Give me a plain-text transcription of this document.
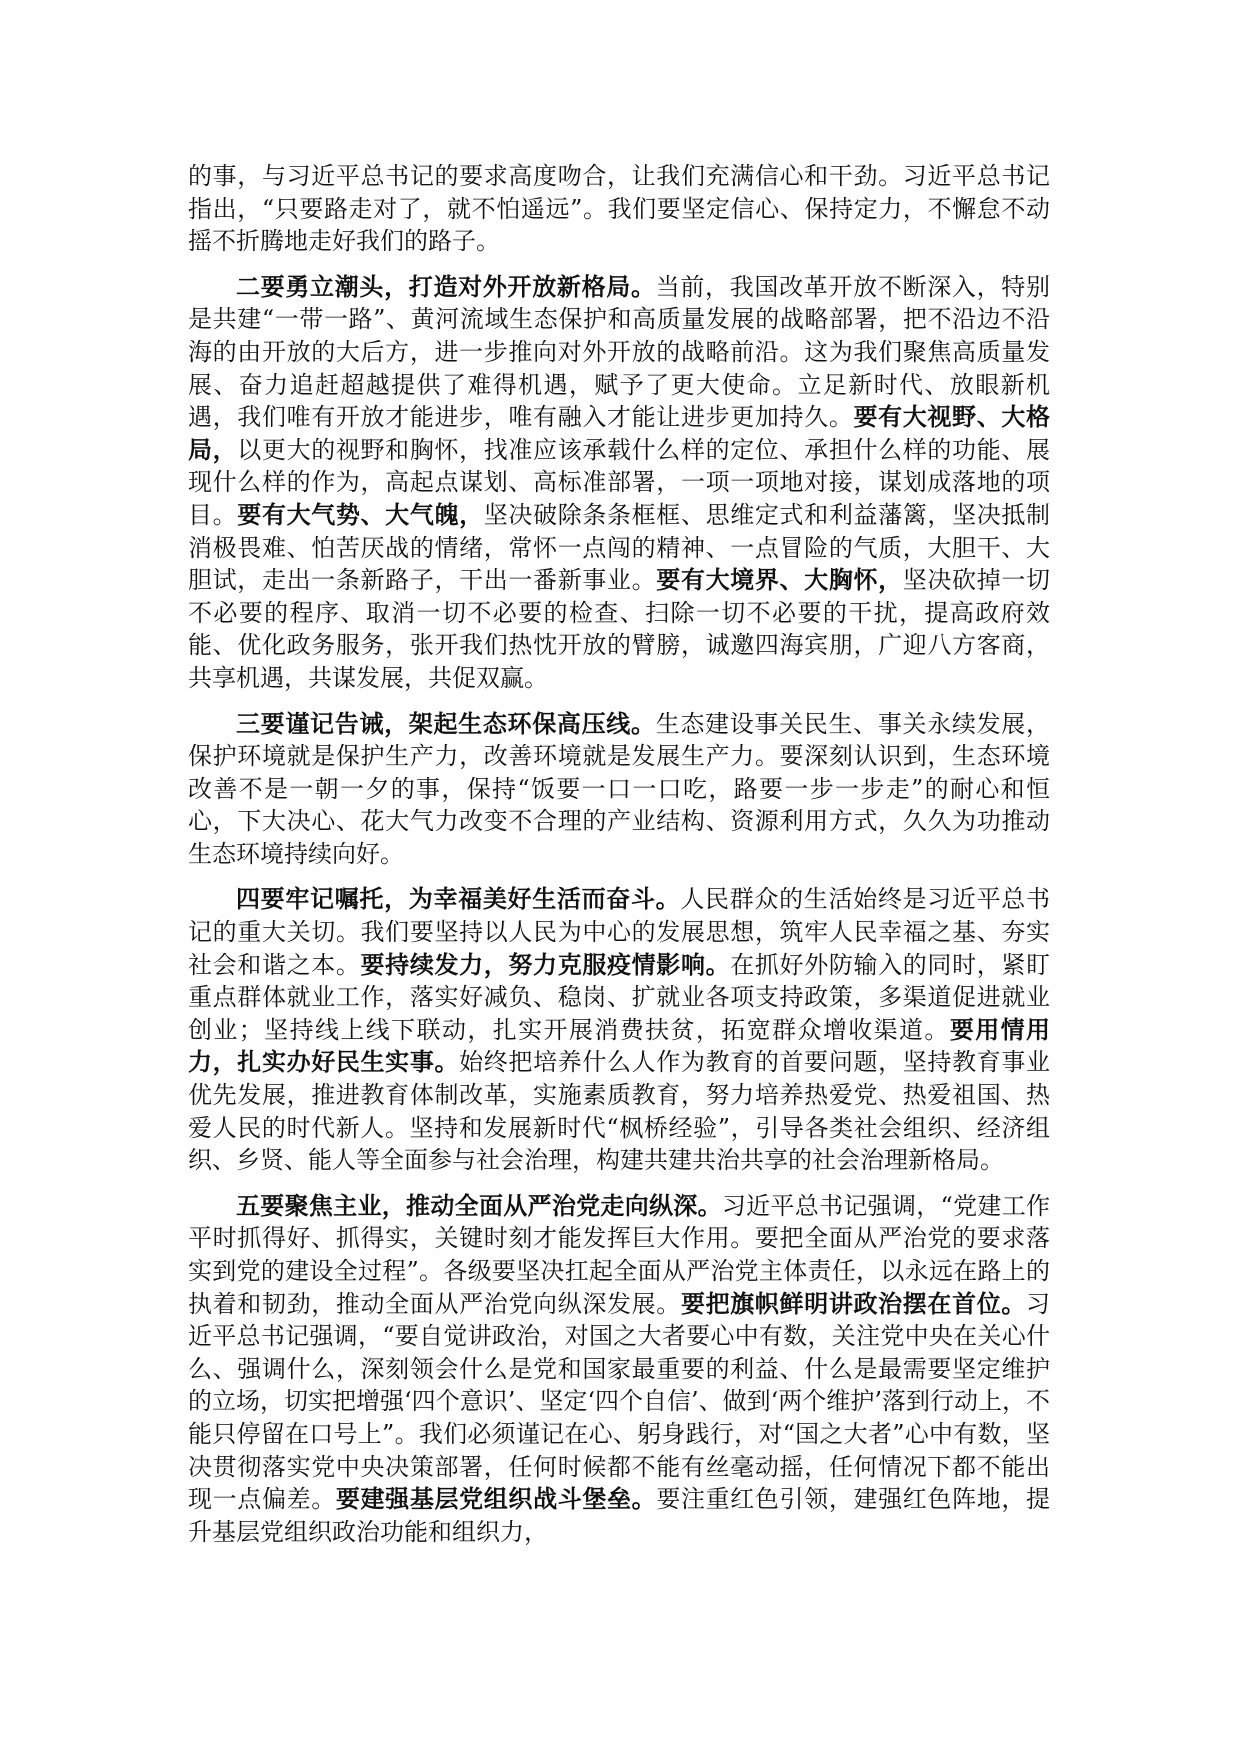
的事，与习近平总书记的要求高度吻合，让我们充满信心和干劲。习近平总书记指出，“只要路走对了，就不怕遥远”。我们要坚定信心、保持定力，不懈怠不动摇不折腾地走好我们的路子。

二要勇立潮头，打造对外开放新格局。当前，我国改革开放不断深入，特别是共建“一带一路”、黄河流域生态保护和高质量发展的战略部署，把不沿边不沿海的由开放的大后方，进一步推向对外开放的战略前沿。这为我们聚焦高质量发展、奋力追赶超越提供了难得机遇，赋予了更大使命。立足新时代、放眼新机遇，我们唯有开放才能进步，唯有融入才能让进步更加持久。要有大视野、大格局，以更大的视野和胸怀，找准应该承载什么样的定位、承担什么样的功能、展现什么样的作为，高起点谋划、高标准部署，一项一项地对接，谋划成落地的项目。要有大气势、大气魄，坚决破除条条框框、思维定式和利益藩篱，坚决抵制消极畏难、怕苦厌战的情绪，常怀一点闯的精神、一点冒险的气质，大胆干、大胆试，走出一条新路子，干出一番新事业。要有大境界、大胸怀，坚决砍掉一切不必要的程序、取消一切不必要的检查、扫除一切不必要的干扰，提高政府效能、优化政务服务，张开我们热忱开放的臂膀，诚邀四海宾朋，广迎八方客商，共享机遇，共谋发展，共促双赢。

三要谨记告诫，架起生态环保高压线。生态建设事关民生、事关永续发展，保护环境就是保护生产力，改善环境就是发展生产力。要深刻认识到，生态环境改善不是一朝一夕的事，保持“饭要一口一口吃，路要一步一步走”的耐心和恒心，下大决心、花大气力改变不合理的产业结构、资源利用方式，久久为功推动生态环境持续向好。

四要牢记嘱托，为幸福美好生活而奋斗。人民群众的生活始终是习近平总书记的重大关切。我们要坚持以人民为中心的发展思想，筑牢人民幸福之基、夯实社会和谐之本。要持续发力，努力克服疫情影响。在抓好外防输入的同时，紧盯重点群体就业工作，落实好减负、稳岗、扩就业各项支持政策，多渠道促进就业创业；坚持线上线下联动，扎实开展消费扶贫，拓宽群众增收渠道。要用情用力，扎实办好民生实事。始终把培养什么人作为教育的首要问题，坚持教育事业优先发展，推进教育体制改革，实施素质教育，努力培养热爱党、热爱祖国、热爱人民的时代新人。坚持和发展新时代“枫桥经验”，引导各类社会组织、经济组织、乡贤、能人等全面参与社会治理，构建共建共治共享的社会治理新格局。

五要聚焦主业，推动全面从严治党走向纵深。习近平总书记强调，“党建工作平时抓得好、抓得实，关键时刻才能发挥巨大作用。要把全面从严治党的要求落实到党的建设全过程”。各级要坚决扛起全面从严治党主体责任，以永远在路上的执着和韧劲，推动全面从严治党向纵深发展。要把旗帜鲜明讲政治摆在首位。习近平总书记强调，“要自觉讲政治，对国之大者要心中有数，关注党中央在关心什么、强调什么，深刻领会什么是党和国家最重要的利益、什么是最需要坚定维护的立场，切实把增强‘四个意识’、坚定‘四个自信’、做到‘两个维护’落到行动上，不能只停留在口号上”。我们必须谨记在心、躬身践行，对“国之大者”心中有数，坚决贯彻落实党中央决策部署，任何时候都不能有丝毫动摇，任何情况下都不能出现一点偏差。要建强基层党组织战斗堡垒。要注重红色引领，建强红色阵地，提升基层党组织政治功能和组织力，
